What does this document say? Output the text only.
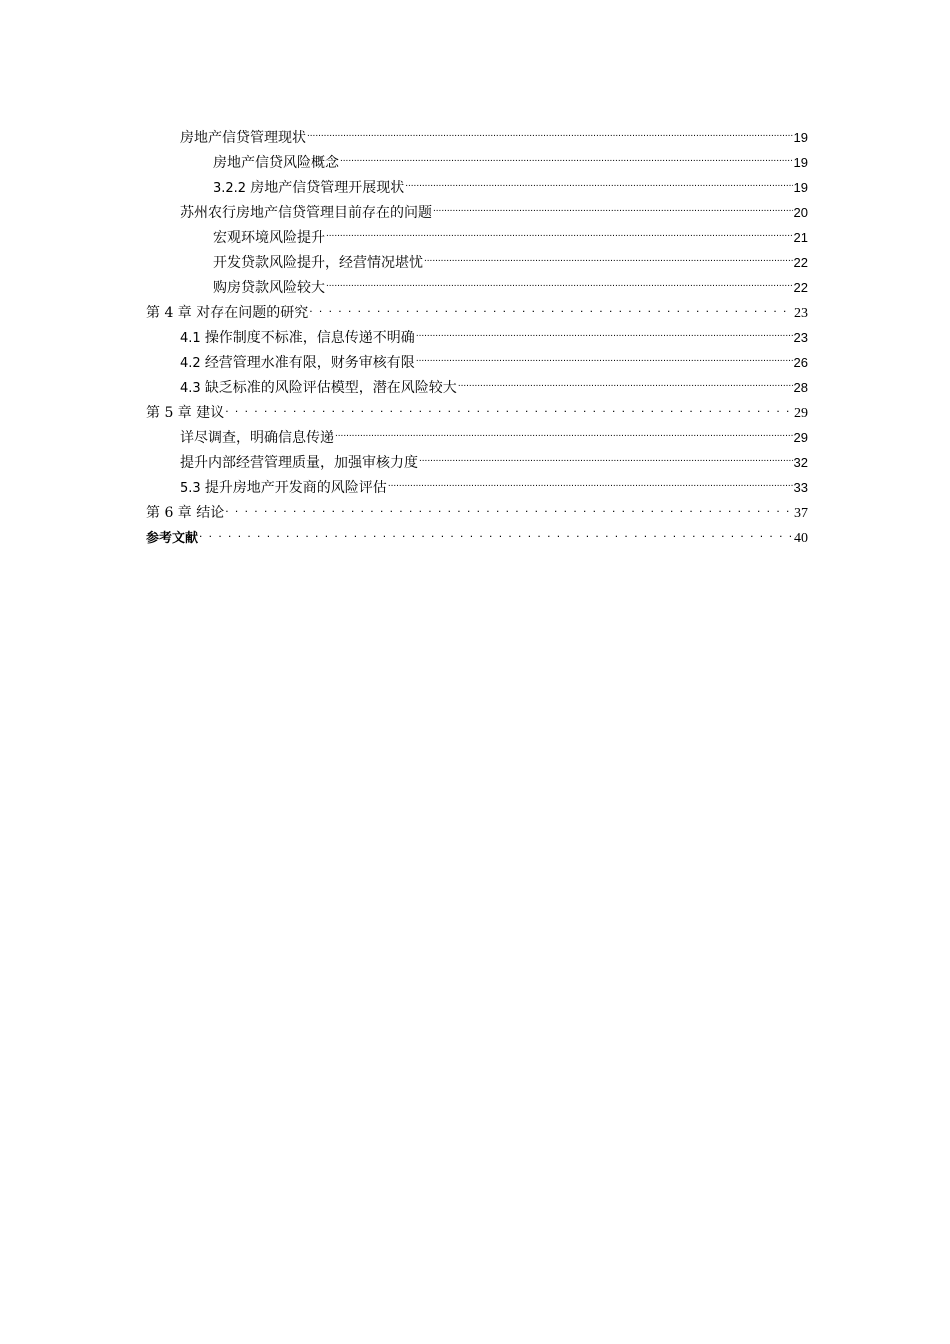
房地产信贷管理现状 .....	19
房地产信贷风险概念 .....	19
3.2.2 房地产信贷管理开展现状 .....	19
苏州农行房地产信贷管理目前存在的问题 .....	20
宏观环境风险提升 .....	21
开发贷款风险提升，经营情况堪忧 .....	22
购房贷款风险较大 .....	22
第 4 章 对存在问题的研究 . . .	23
4.1 操作制度不标准，信息传递不明确 .....	23
4.2 经营管理水准有限，财务审核有限 .....	26
4.3 缺乏标准的风险评估模型，潜在风险较大 .....	28
第 5 章 建议 . . .	29
详尽调查，明确信息传递 .....	29
提升内部经营管理质量，加强审核力度 .....	32
5.3 提升房地产开发商的风险评估 .....	33
第 6 章 结论 . . .	37
参考文献 . . .	40
